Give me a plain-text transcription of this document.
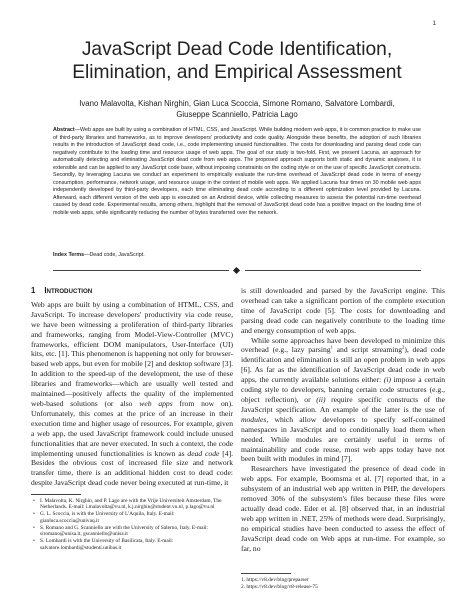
1
JavaScript Dead Code Identification, Elimination, and Empirical Assessment
Ivano Malavolta, Kishan Nirghin, Gian Luca Scoccia, Simone Romano, Salvatore Lombardi,
Giuseppe Scanniello, Patricia Lago
Abstract—Web apps are built by using a combination of HTML, CSS, and JavaScript. While building modern web apps, it is common practice to make use of third-party libraries and frameworks, as to improve developers' productivity and code quality. Alongside these benefits, the adoption of such libraries results in the introduction of JavaScript dead code, i.e., code implementing unused functionalities. The costs for downloading and parsing dead code can negatively contribute to the loading time and resource usage of web apps. The goal of our study is two-fold. First, we present Lacuna, an approach for automatically detecting and eliminating JavaScript dead code from web apps. The proposed approach supports both static and dynamic analyses, it is extensible and can be applied to any JavaScript code base, without imposing constraints on the coding style or on the use of specific JavaScript constructs. Secondly, by leveraging Lacuna we conduct an experiment to empirically evaluate the run-time overhead of JavaScript dead code in terms of energy consumption, performance, network usage, and resource usage in the context of mobile web apps. We applied Lacuna four times on 30 mobile web apps independently developed by third-party developers, each time eliminating dead code according to a different optimization level provided by Lacuna. Afterward, each different version of the web app is executed on an Android device, while collecting measures to assess the potential run-time overhead caused by dead code. Experimental results, among others, highlight that the removal of JavaScript dead code has a positive impact on the loading time of mobile web apps, while significantly reducing the number of bytes transferred over the network.
Index Terms—Dead code, JavaScript.
1 INTRODUCTION

Web apps are built by using a combination of HTML, CSS, and JavaScript. To increase developers' productivity via code reuse, we have been witnessing a proliferation of third-party libraries and frameworks, ranging from Model-View-Controller (MVC) frameworks, efficient DOM manipulators, User-Interface (UI) kits, etc. [1]. This phenomenon is happening not only for browser-based web apps, but even for mobile [2] and desktop software [3]. In addition to the speed-up of the development, the use of these libraries and frameworks—which are usually well tested and maintained—positively affects the quality of the implemented web-based solutions (or also web apps from now on). Unfortunately, this comes at the price of an increase in their execution time and higher usage of resources. For example, given a web app, the used JavaScript framework could include unused functionalities that are never executed. In such a context, the code implementing unused functionalities is known as dead code [4]. Besides the obvious cost of increased file size and network transfer time, there is an additional hidden cost to dead code: despite JavaScript dead code never being executed at run-time, it

• I. Malavolta, K. Nirghin, and P. Lago are with the Vrije Universiteit Amsterdam, The Netherlands. E-mail: i.malavolta@vu.nl, k.j.nirghin@student.vu.nl, p.lago@vu.nl
• G. L. Scoccia, is with the University of L'Aquila, Italy. E-mail: gianluca.scoccia@univaq.it
• S. Romano and G. Scanniello are with the University of Salerno, Italy. E-mail: siromano@unisa.it, gscanniello@unisa.it
• S. Lombardi is with the University of Basilicata, Italy. E-mail: salvatore.lombardi@studenti.unibas.it

is still downloaded and parsed by the JavaScript engine. This overhead can take a significant portion of the complete execution time of JavaScript code [5]. The costs for downloading and parsing dead code can negatively contribute to the loading time and energy consumption of web apps.

While some approaches have been developed to minimize this overhead (e.g., lazy parsing$^1$ and script streaming$^2$), dead code identification and elimination is still an open problem in web apps [6]. As far as the identification of JavaScript dead code in web apps, the currently available solutions either: (i) impose a certain coding style to developers, banning certain code structures (e.g., object reflection), or (ii) require specific constructs of the JavaScript specification. An example of the latter is the use of modules, which allow developers to specify self-contained namespaces in JavaScript and to conditionally load them when needed. While modules are certainly useful in terms of maintainability and code reuse, most web apps today have not been built with modules in mind [7].

Researchers have investigated the presence of dead code in web apps. For example, Boomsma et al. [7] reported that, in a subsystem of an industrial web app written in PHP, the developers removed 30% of the subsystem's files because these files were actually dead code. Eder et al. [8] observed that, in an industrial web app written in .NET, 25% of methods were dead. Surprisingly, no empirical studies have been conducted to assess the effect of JavaScript dead code on Web apps at run-time. For example, so far, no

1. https://v8.dev/blog/preparser
2. https://v8.dev/blog/v8-release-75
